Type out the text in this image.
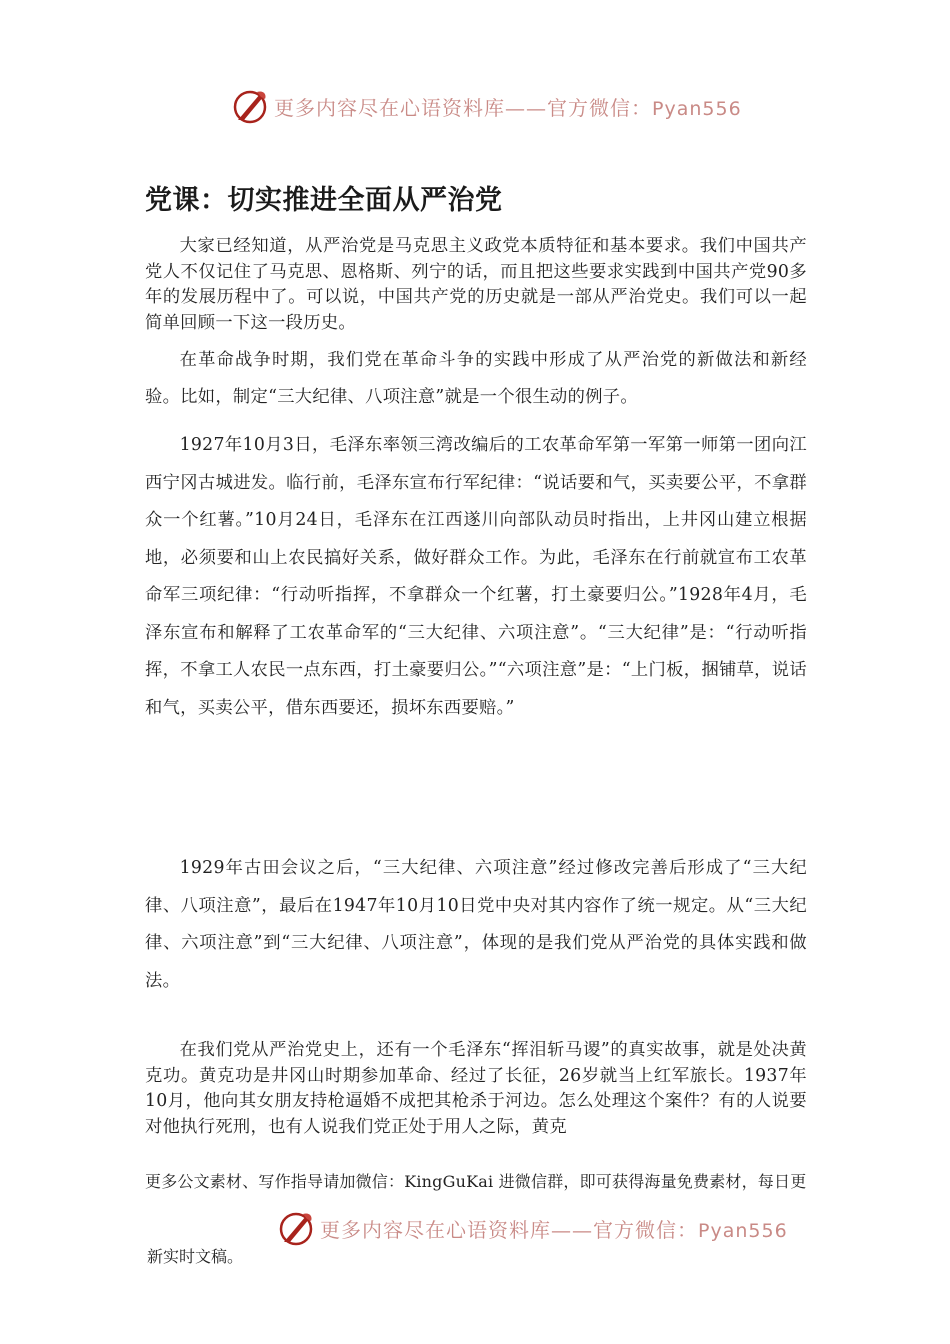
更多内容尽在心语资料库——官方微信：Pyan556
党课：切实推进全面从严治党

大家已经知道，从严治党是马克思主义政党本质特征和基本要求。我们中国共产党人不仅记住了马克思、恩格斯、列宁的话，而且把这些要求实践到中国共产党90多年的发展历程中了。可以说，中国共产党的历史就是一部从严治党史。我们可以一起简单回顾一下这一段历史。

在革命战争时期，我们党在革命斗争的实践中形成了从严治党的新做法和新经验。比如，制定“三大纪律、八项注意”就是一个很生动的例子。

1927年10月3日，毛泽东率领三湾改编后的工农革命军第一军第一师第一团向江西宁冈古城进发。临行前，毛泽东宣布行军纪律：“说话要和气，买卖要公平，不拿群众一个红薯。”10月24日，毛泽东在江西遂川向部队动员时指出，上井冈山建立根据地，必须要和山上农民搞好关系，做好群众工作。为此，毛泽东在行前就宣布工农革命军三项纪律：“行动听指挥，不拿群众一个红薯，打土豪要归公。”1928年4月，毛泽东宣布和解释了工农革命军的“三大纪律、六项注意”。“三大纪律”是：“行动听指挥，不拿工人农民一点东西，打土豪要归公。”“六项注意”是：“上门板，捆铺草，说话和气，买卖公平，借东西要还，损坏东西要赔。”

1929年古田会议之后，“三大纪律、六项注意”经过修改完善后形成了“三大纪律、八项注意”，最后在1947年10月10日党中央对其内容作了统一规定。从“三大纪律、六项注意”到“三大纪律、八项注意”，体现的是我们党从严治党的具体实践和做法。

在我们党从严治党史上，还有一个毛泽东“挥泪斩马谡”的真实故事，就是处决黄克功。黄克功是井冈山时期参加革命、经过了长征，26岁就当上红军旅长。1937年10月，他向其女朋友持枪逼婚不成把其枪杀于河边。怎么处理这个案件？有的人说要对他执行死刑，也有人说我们党正处于用人之际，黄克

更多公文素材、写作指导请加微信：KingGuKai 进微信群，即可获得海量免费素材，每日更

更多内容尽在心语资料库——官方微信：Pyan556

新实时文稿。
